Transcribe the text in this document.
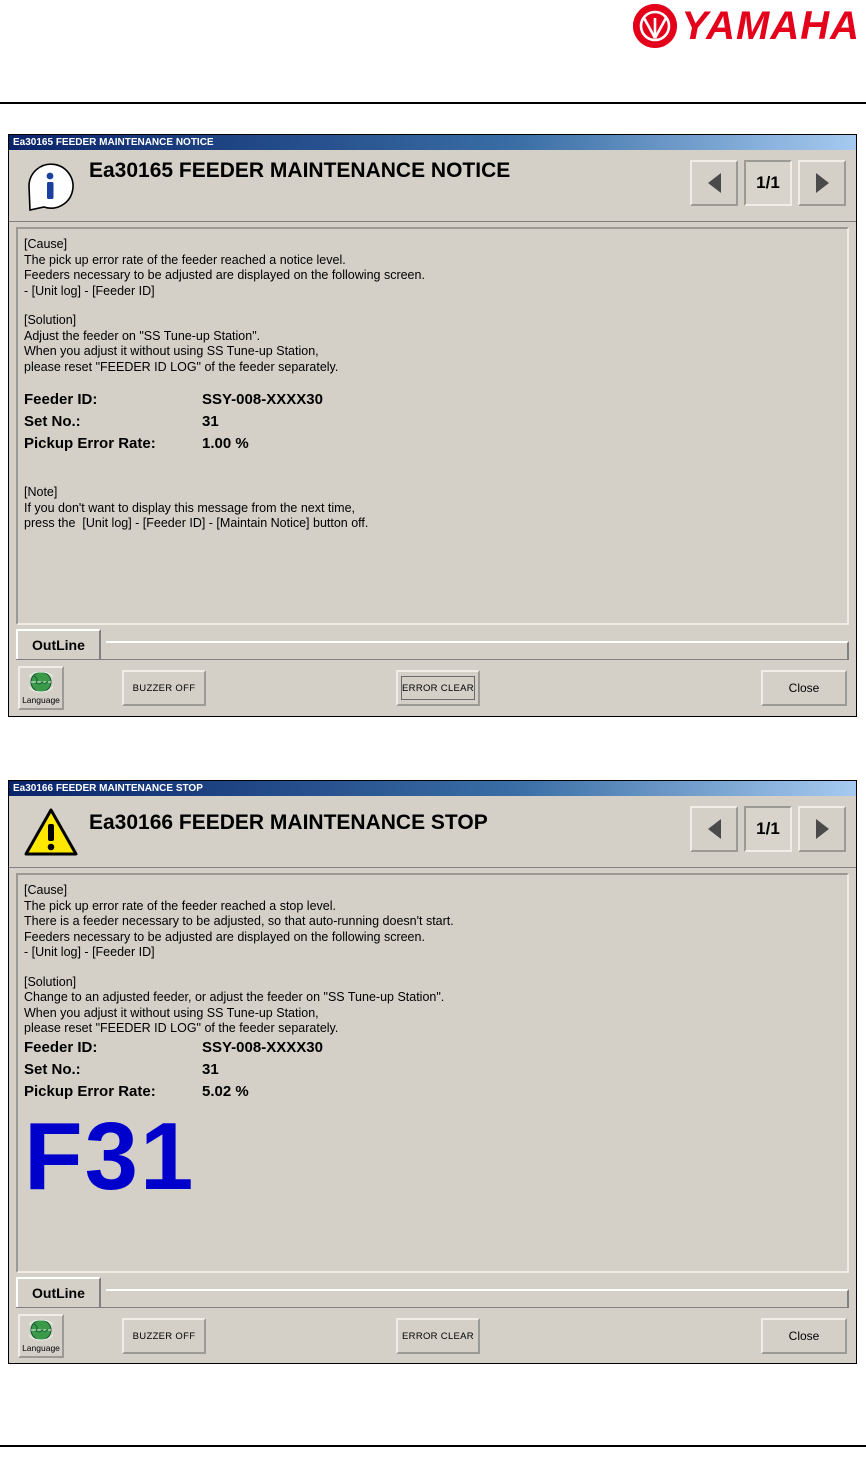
YAMAHA
Ea30165 FEEDER MAINTENANCE NOTICE
Ea30165 FEEDER MAINTENANCE NOTICE
1/1
[Cause]
The pick up error rate of the feeder reached a notice level.
Feeders necessary to be adjusted are displayed on the following screen.
- [Unit log] - [Feeder ID]
[Solution]
Adjust the feeder on "SS Tune-up Station".
When you adjust it without using SS Tune-up Station,
please reset "FEEDER ID LOG" of the feeder separately.
Feeder ID:	SSY-008-XXXX30
Set No.:	31
Pickup Error Rate:	1.00 %
[Note]
If you don't want to display this message from the next time,
press the  [Unit log] - [Feeder ID] - [Maintain Notice] button off.
OutLine
Language
BUZZER OFF	ERROR CLEAR	Close
Ea30166 FEEDER MAINTENANCE STOP
Ea30166 FEEDER MAINTENANCE STOP	1/1
[Cause]
The pick up error rate of the feeder reached a stop level.
There is a feeder necessary to be adjusted, so that auto-running doesn't start.
Feeders necessary to be adjusted are displayed on the following screen.
- [Unit log] - [Feeder ID]
[Solution]
Change to an adjusted feeder, or adjust the feeder on "SS Tune-up Station".
When you adjust it without using SS Tune-up Station,
please reset "FEEDER ID LOG" of the feeder separately.
Feeder ID:	SSY-008-XXXX30
Set No.:	31
Pickup Error Rate:	5.02 %
F31
OutLine
Language
BUZZER OFF	ERROR CLEAR	Close
